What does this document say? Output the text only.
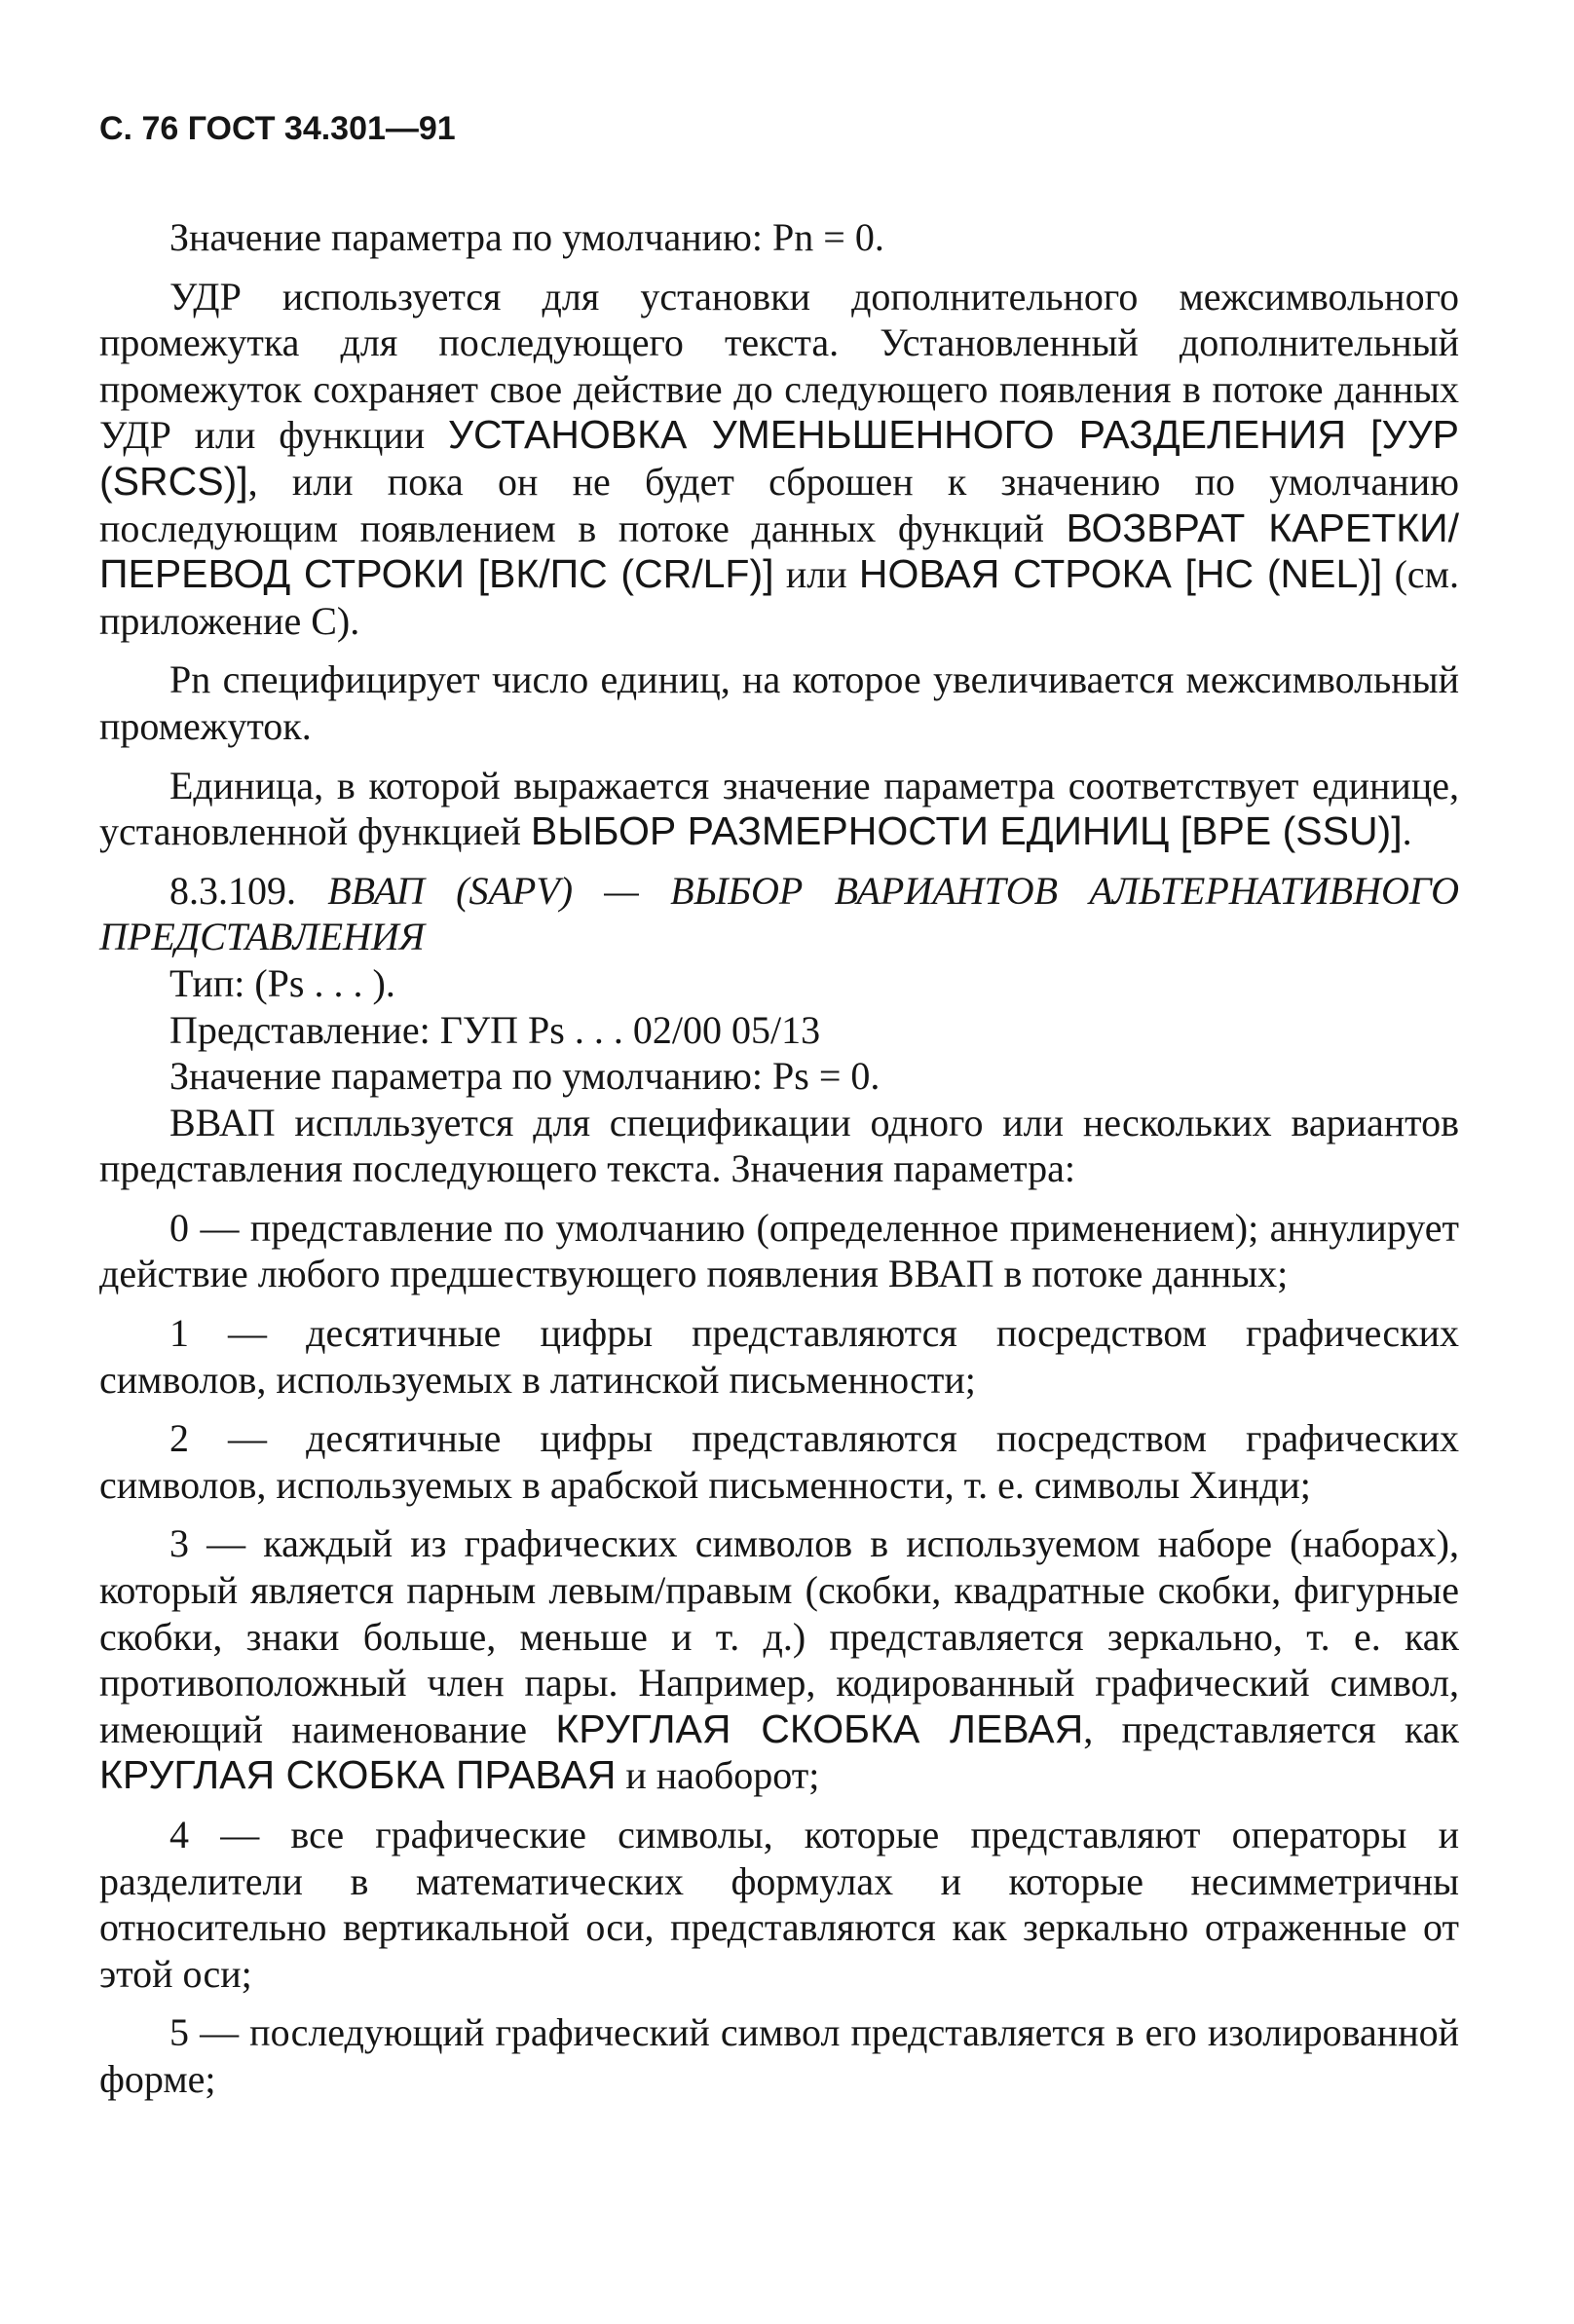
С. 76 ГОСТ 34.301—91

Значение параметра по умолчанию: Pn = 0.

УДР используется для установки дополнительного межсимвольного промежутка для последующего текста. Установленный дополнительный промежуток сохраняет свое действие до следующего появления в потоке данных УДР или функции УСТАНОВКА УМЕНЬШЕННОГО РАЗДЕЛЕНИЯ [УУР (SRCS)], или пока он не будет сброшен к значению по умолчанию последующим появлением в потоке данных функций ВОЗВРАТ КАРЕТКИ/ПЕРЕВОД СТРОКИ [ВК/ПС (CR/LF)] или НОВАЯ СТРОКА [НС (NEL)] (см. приложение С).

Pn специфицирует число единиц, на которое увеличивается межсимвольный промежуток.

Единица, в которой выражается значение параметра соответствует единице, установленной функцией ВЫБОР РАЗМЕРНОСТИ ЕДИНИЦ [ВРЕ (SSU)].

8.3.109. ВВАП (SAPV) — ВЫБОР ВАРИАНТОВ АЛЬТЕРНАТИВНОГО ПРЕДСТАВЛЕНИЯ

Тип: (Ps . . . ).

Представление: ГУП Ps . . . 02/00 05/13

Значение параметра по умолчанию: Ps = 0.

ВВАП исплльзуется для спецификации одного или нескольких вариантов представления последующего текста. Значения параметра:

0 — представление по умолчанию (определенное применением); аннулирует действие любого предшествующего появления ВВАП в потоке данных;

1 — десятичные цифры представляются посредством графических символов, используемых в латинской письменности;

2 — десятичные цифры представляются посредством графических символов, используемых в арабской письменности, т. е. символы Хинди;

3 — каждый из графических символов в используемом наборе (наборах), который является парным левым/правым (скобки, квадратные скобки, фигурные скобки, знаки больше, меньше и т. д.) представляется зеркально, т. е. как противоположный член пары. Например, кодированный графический символ, имеющий наименование КРУГЛАЯ СКОБКА ЛЕВАЯ, представляется как КРУГЛАЯ СКОБКА ПРАВАЯ и наоборот;

4 — все графические символы, которые представляют операторы и разделители в математических формулах и которые несимметричны относительно вертикальной оси, представляются как зеркально отраженные от этой оси;

5 — последующий графический символ представляется в его изолированной форме;
